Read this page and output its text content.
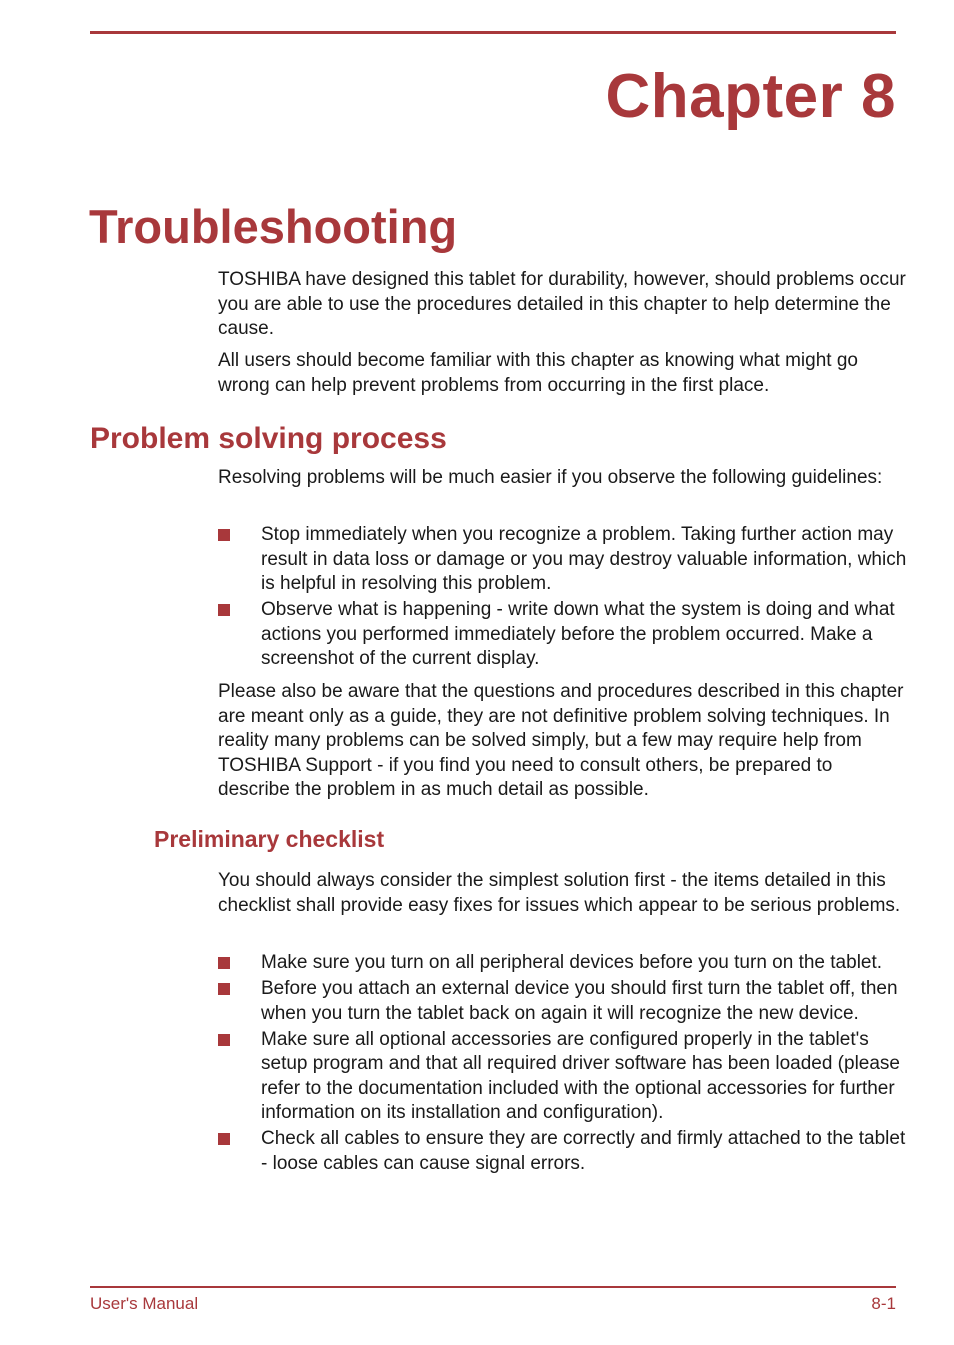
Chapter 8
Troubleshooting

TOSHIBA have designed this tablet for durability, however, should problems occur you are able to use the procedures detailed in this chapter to help determine the cause.

All users should become familiar with this chapter as knowing what might go wrong can help prevent problems from occurring in the first place.

Problem solving process

Resolving problems will be much easier if you observe the following guidelines:

Stop immediately when you recognize a problem. Taking further action may result in data loss or damage or you may destroy valuable information, which is helpful in resolving this problem.
Observe what is happening - write down what the system is doing and what actions you performed immediately before the problem occurred. Make a screenshot of the current display.

Please also be aware that the questions and procedures described in this chapter are meant only as a guide, they are not definitive problem solving techniques. In reality many problems can be solved simply, but a few may require help from TOSHIBA Support - if you find you need to consult others, be prepared to describe the problem in as much detail as possible.

Preliminary checklist

You should always consider the simplest solution first - the items detailed in this checklist shall provide easy fixes for issues which appear to be serious problems.

Make sure you turn on all peripheral devices before you turn on the tablet.
Before you attach an external device you should first turn the tablet off, then when you turn the tablet back on again it will recognize the new device.
Make sure all optional accessories are configured properly in the tablet's setup program and that all required driver software has been loaded (please refer to the documentation included with the optional accessories for further information on its installation and configuration).
Check all cables to ensure they are correctly and firmly attached to the tablet - loose cables can cause signal errors.
User's Manual	8-1
